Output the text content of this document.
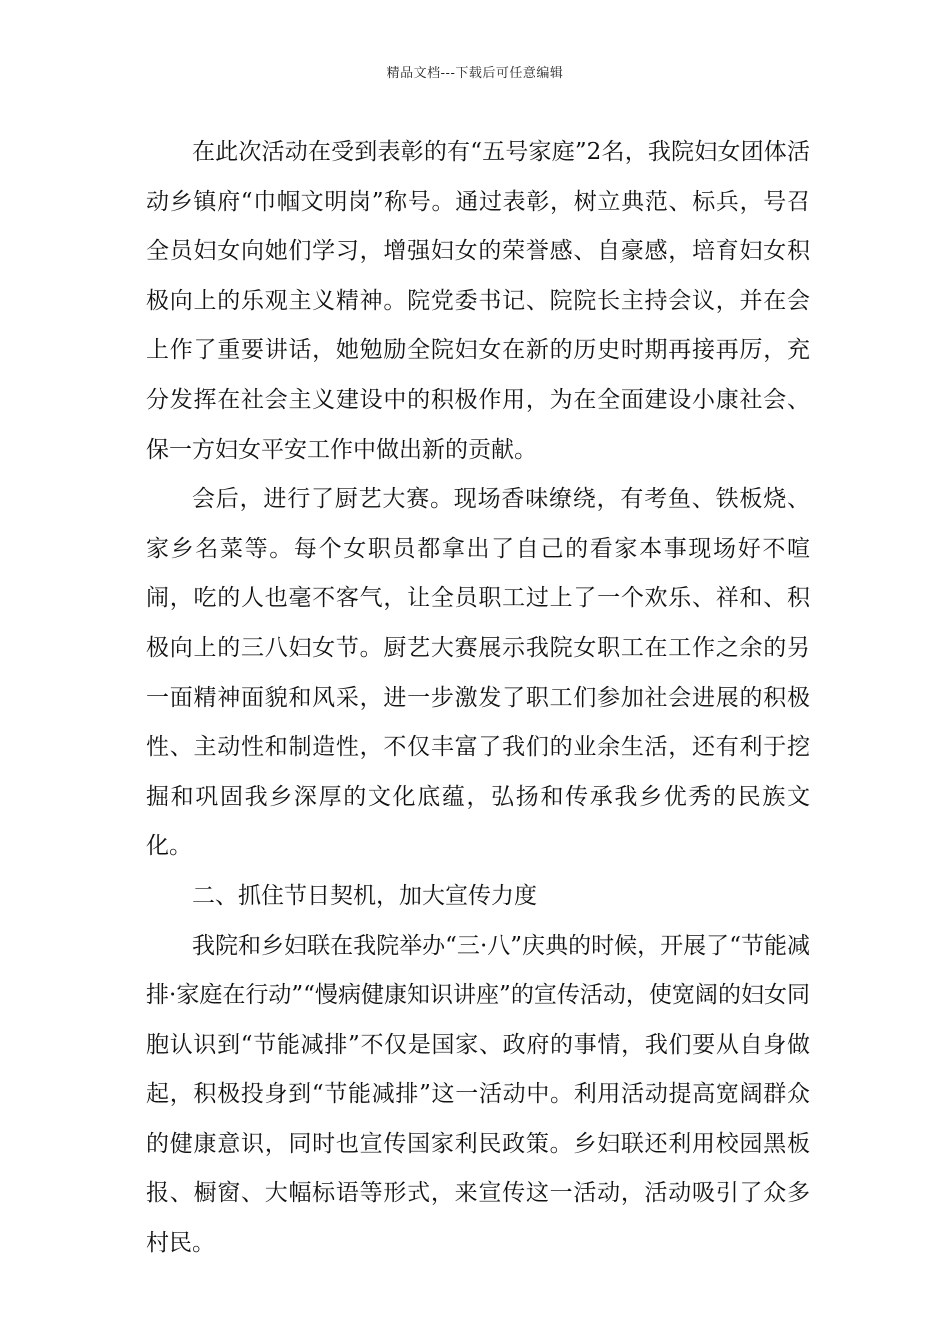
精品文档---下载后可任意编辑

在此次活动在受到表彰的有“五号家庭”2名，我院妇女团体活动乡镇府“巾帼文明岗”称号。通过表彰，树立典范、标兵，号召全员妇女向她们学习，增强妇女的荣誉感、自豪感，培育妇女积极向上的乐观主义精神。院党委书记、院院长主持会议，并在会上作了重要讲话，她勉励全院妇女在新的历史时期再接再厉，充分发挥在社会主义建设中的积极作用，为在全面建设小康社会、保一方妇女平安工作中做出新的贡献。

会后，进行了厨艺大赛。现场香味缭绕，有考鱼、铁板烧、家乡名菜等。每个女职员都拿出了自己的看家本事现场好不喧闹，吃的人也毫不客气，让全员职工过上了一个欢乐、祥和、积极向上的三八妇女节。厨艺大赛展示我院女职工在工作之余的另一面精神面貌和风采，进一步激发了职工们参加社会进展的积极性、主动性和制造性，不仅丰富了我们的业余生活，还有利于挖掘和巩固我乡深厚的文化底蕴，弘扬和传承我乡优秀的民族文化。

二、抓住节日契机，加大宣传力度

我院和乡妇联在我院举办“三·八”庆典的时候，开展了“节能减排·家庭在行动”“慢病健康知识讲座”的宣传活动，使宽阔的妇女同胞认识到“节能减排”不仅是国家、政府的事情，我们要从自身做起，积极投身到“节能减排”这一活动中。利用活动提高宽阔群众的健康意识，同时也宣传国家利民政策。乡妇联还利用校园黑板报、橱窗、大幅标语等形式，来宣传这一活动，活动吸引了众多村民。
